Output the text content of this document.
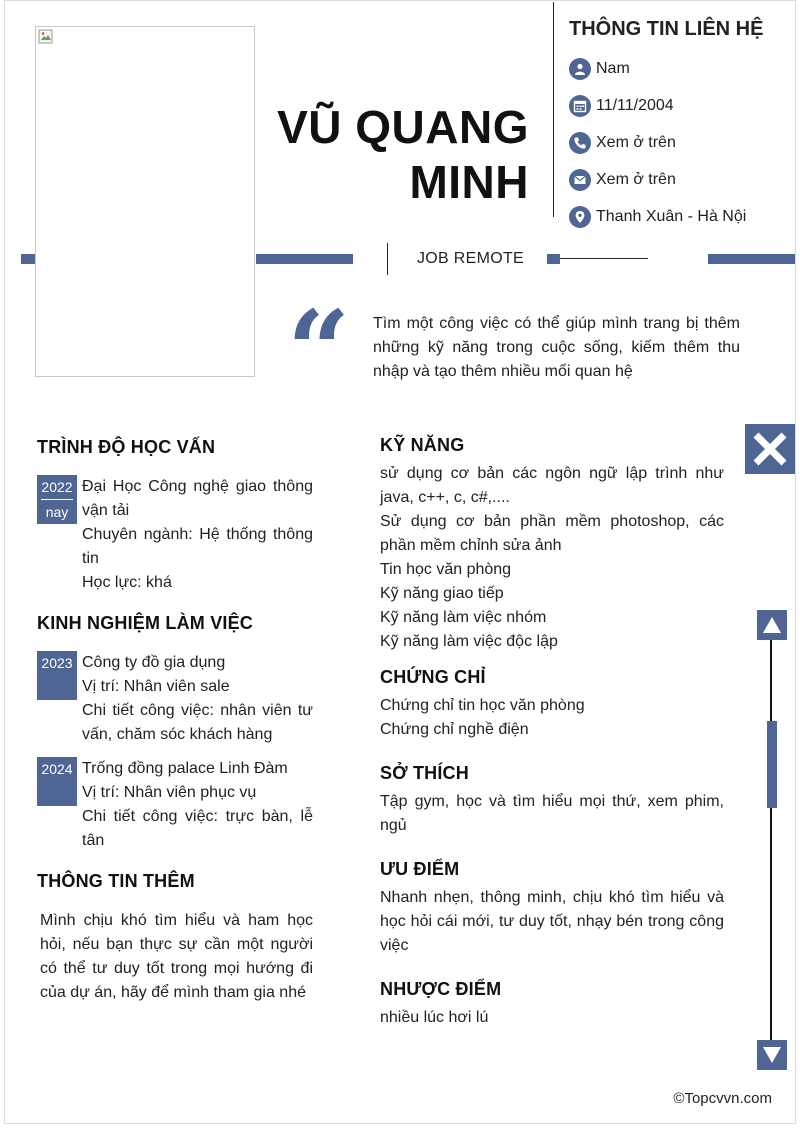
VŨ QUANG
MINH
THÔNG TIN LIÊN HỆ
Nam
11/11/2004
Xem ở trên
Xem ở trên
Thanh Xuân - Hà Nội
JOB REMOTE
“ Tìm một công việc có thể giúp mình trang bị thêm những kỹ năng trong cuộc sống, kiếm thêm thu nhập và tạo thêm nhiều mối quan hệ
TRÌNH ĐỘ HỌC VẤN
2022
nay
Đại Học Công nghệ giao thông vận tải
Chuyên ngành: Hệ thống thông tin
Học lực: khá
KINH NGHIỆM LÀM VIỆC
2023 Công ty đồ gia dụng
Vị trí: Nhân viên sale
Chi tiết công việc: nhân viên tư vấn, chăm sóc khách hàng
2024 Trống đồng palace Linh Đàm
Vị trí: Nhân viên phục vụ
Chi tiết công việc: trực bàn, lễ tân
THÔNG TIN THÊM
Mình chịu khó tìm hiểu và ham học hỏi, nếu bạn thực sự cần một người có thể tư duy tốt trong mọi hướng đi của dự án, hãy để mình tham gia nhé
KỸ NĂNG
sử dụng cơ bản các ngôn ngữ lập trình như java, c++, c, c#,....
Sử dụng cơ bản phần mềm photoshop, các phần mềm chỉnh sửa ảnh
Tin học văn phòng
Kỹ năng giao tiếp
Kỹ năng làm việc nhóm
Kỹ năng làm việc độc lập
CHỨNG CHỈ
Chứng chỉ tin học văn phòng
Chứng chỉ nghề điện
SỞ THÍCH
Tập gym, học và tìm hiểu mọi thứ, xem phim, ngủ
ƯU ĐIỂM
Nhanh nhẹn, thông minh, chịu khó tìm hiểu và học hỏi cái mới, tư duy tốt, nhạy bén trong công việc
NHƯỢC ĐIỂM
nhiều lúc hơi lú
©Topcvvn.com
